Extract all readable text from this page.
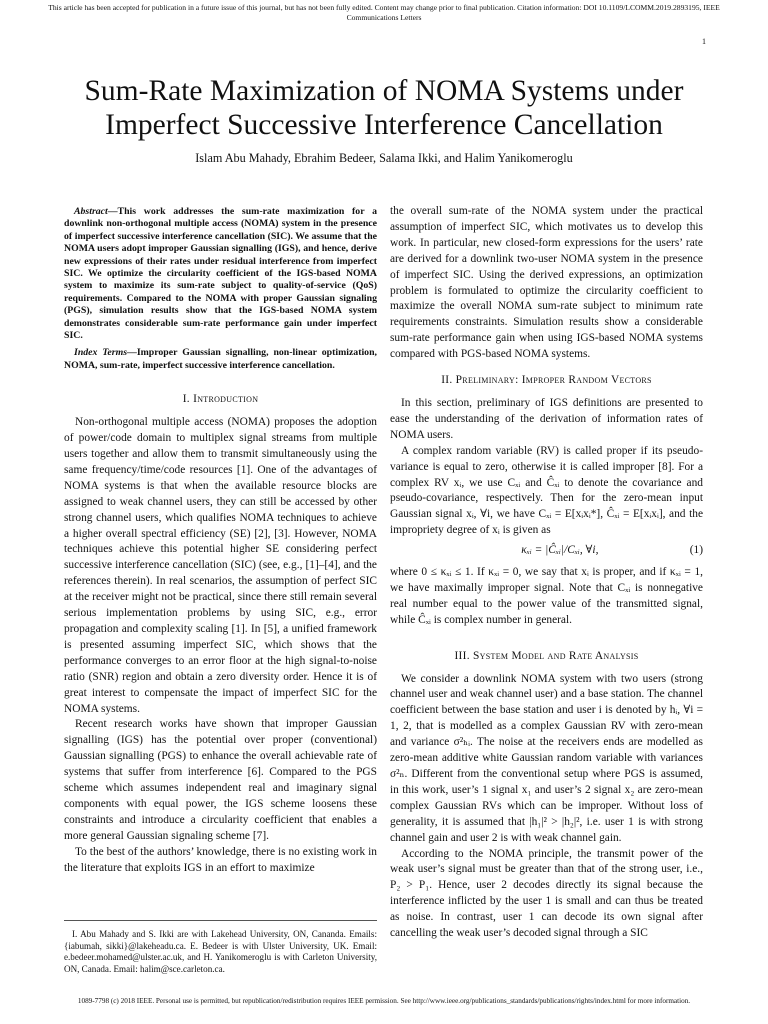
This article has been accepted for publication in a future issue of this journal, but has not been fully edited. Content may change prior to final publication. Citation information: DOI 10.1109/LCOMM.2019.2893195, IEEE Communications Letters
1
Sum-Rate Maximization of NOMA Systems under Imperfect Successive Interference Cancellation
Islam Abu Mahady, Ebrahim Bedeer, Salama Ikki, and Halim Yanikomeroglu

Abstract—This work addresses the sum-rate maximization for a downlink non-orthogonal multiple access (NOMA) system in the presence of imperfect successive interference cancellation (SIC). We assume that the NOMA users adopt improper Gaussian signalling (IGS), and hence, derive new expressions of their rates under residual interference from imperfect SIC. We optimize the circularity coefficient of the IGS-based NOMA system to maximize its sum-rate subject to quality-of-service (QoS) requirements. Compared to the NOMA with proper Gaussian signaling (PGS), simulation results show that the IGS-based NOMA system demonstrates considerable sum-rate performance gain under imperfect SIC.

Index Terms—Improper Gaussian signalling, non-linear optimization, NOMA, sum-rate, imperfect successive interference cancellation.

I. Introduction

Non-orthogonal multiple access (NOMA) proposes the adoption of power/code domain to multiplex signal streams from multiple users together and allow them to transmit simultaneously using the same frequency/time/code resources [1]. One of the advantages of NOMA systems is that when the available resource blocks are assigned to weak channel users, they can still be accessed by other strong channel users, which qualifies NOMA techniques to achieve a higher overall spectral efficiency (SE) [2], [3]. However, NOMA techniques achieve this potential higher SE considering perfect successive interference cancellation (SIC) (see, e.g., [1]–[4], and the references therein). In real scenarios, the assumption of perfect SIC at the receiver might not be practical, since there still remain several serious implementation problems by using SIC, e.g., error propagation and complexity scaling [1]. In [5], a unified framework is presented assuming imperfect SIC, which shows that the performance converges to an error floor at the high signal-to-noise ratio (SNR) region and obtain a zero diversity order. Hence it is of great interest to compensate the impact of imperfect SIC for the NOMA systems.

Recent research works have shown that improper Gaussian signalling (IGS) has the potential over proper (conventional) Gaussian signalling (PGS) to enhance the overall achievable rate of systems that suffer from interference [6]. Compared to the PGS scheme which assumes independent real and imaginary signal components with equal power, the IGS scheme loosens these constraints and introduce a circularity coefficient that enables a more general Gaussian signaling scheme [7].

To the best of the authors’ knowledge, there is no existing work in the literature that exploits IGS in an effort to maximize

I. Abu Mahady and S. Ikki are with Lakehead University, ON, Cananda. Emails:{iabumah, sikki}@lakeheadu.ca. E. Bedeer is with Ulster University, UK. Email: e.bedeer.mohamed@ulster.ac.uk, and H. Yanikomeroglu is with Carleton University, ON, Canada. Email: halim@sce.carleton.ca.

the overall sum-rate of the NOMA system under the practical assumption of imperfect SIC, which motivates us to develop this work. In particular, new closed-form expressions for the users’ rate are derived for a downlink two-user NOMA system in the presence of imperfect SIC. Using the derived expressions, an optimization problem is formulated to optimize the circularity coefficient to maximize the overall NOMA sum-rate subject to minimum rate requirements constraints. Simulation results show a considerable sum-rate performance gain when using IGS-based NOMA systems compared with PGS-based NOMA systems.

II. Preliminary: Improper Random Vectors

In this section, preliminary of IGS definitions are presented to ease the understanding of the derivation of information rates of NOMA users.

A complex random variable (RV) is called proper if its pseudo-variance is equal to zero, otherwise it is called improper [8]. For a complex RV xᵢ, we use Cₓᵢ and Ĉₓᵢ to denote the covariance and pseudo-covariance, respectively. Then for the zero-mean input Gaussian signal xᵢ, ∀i, we have Cₓᵢ = E[xᵢxᵢ*], Ĉₓᵢ = E[xᵢxᵢ], and the impropriety degree of xᵢ is given as

κₓᵢ = |Ĉₓᵢ|/Cₓᵢ, ∀i,	(1)

where 0 ≤ κₓᵢ ≤ 1. If κₓᵢ = 0, we say that xᵢ is proper, and if κₓᵢ = 1, we have maximally improper signal. Note that Cₓᵢ is nonnegative real number equal to the power value of the transmitted signal, while Ĉₓᵢ is complex number in general.

III. System Model and Rate Analysis

We consider a downlink NOMA system with two users (strong channel user and weak channel user) and a base station. The channel coefficient between the base station and user i is denoted by hᵢ, ∀i = 1, 2, that is modelled as a complex Gaussian RV with zero-mean and variance σ²ₕᵢ. The noise at the receivers ends are modelled as zero-mean additive white Gaussian random variable with variances σ²ₙ. Different from the conventional setup where PGS is assumed, in this work, user’s 1 signal x₁ and user’s 2 signal x₂ are zero-mean complex Gaussian RVs which can be improper. Without loss of generality, it is assumed that |h₁|² > |h₂|², i.e. user 1 is with strong channel gain and user 2 is with weak channel gain.

According to the NOMA principle, the transmit power of the weak user’s signal must be greater than that of the strong user, i.e., P₂ > P₁. Hence, user 2 decodes directly its signal because the interference inflicted by the user 1 is small and can thus be treated as noise. In contrast, user 1 can decode its own signal after cancelling the weak user’s decoded signal through a SIC

1089-7798 (c) 2018 IEEE. Personal use is permitted, but republication/redistribution requires IEEE permission. See http://www.ieee.org/publications_standards/publications/rights/index.html for more information.
